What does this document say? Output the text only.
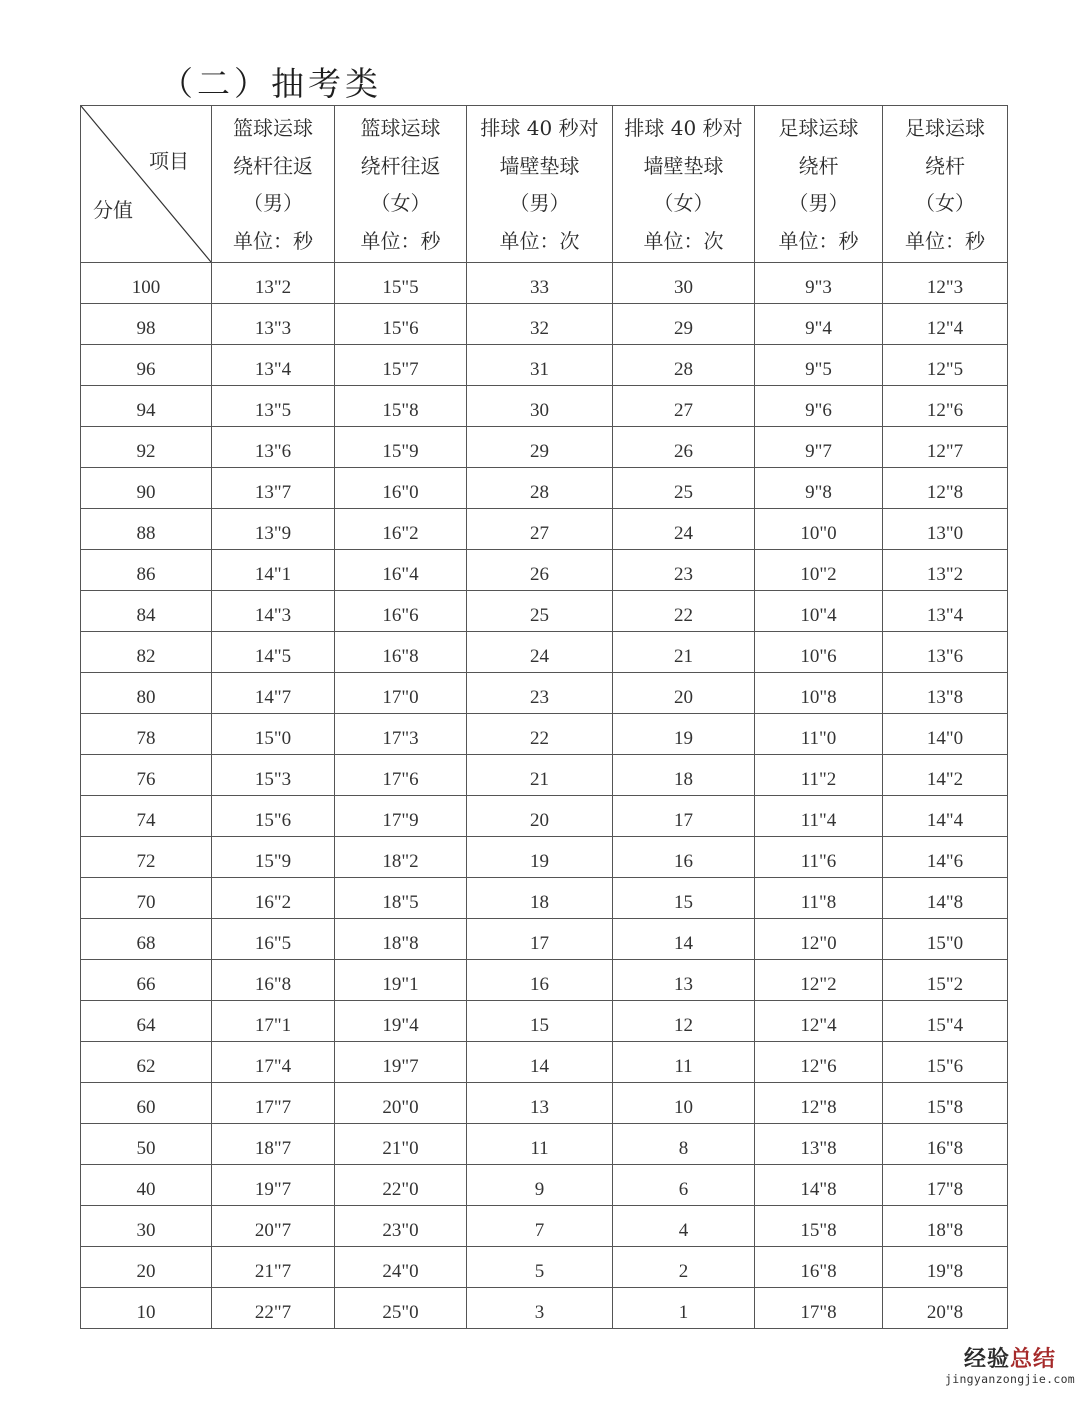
（二）抽考类
项目
分值	篮球运球
绕杆往返
（男）
单位：秒	篮球运球
绕杆往返
（女）
单位：秒	排球 40 秒对
墙壁垫球
（男）
单位：次	排球 40 秒对
墙壁垫球
（女）
单位：次	足球运球
绕杆
（男）
单位：秒	足球运球
绕杆
（女）
单位：秒

100	13"2	15"5	33	30	9"3	12"3
98	13"3	15"6	32	29	9"4	12"4
96	13"4	15"7	31	28	9"5	12"5
94	13"5	15"8	30	27	9"6	12"6
92	13"6	15"9	29	26	9"7	12"7
90	13"7	16"0	28	25	9"8	12"8
88	13"9	16"2	27	24	10"0	13"0
86	14"1	16"4	26	23	10"2	13"2
84	14"3	16"6	25	22	10"4	13"4
82	14"5	16"8	24	21	10"6	13"6
80	14"7	17"0	23	20	10"8	13"8
78	15"0	17"3	22	19	11"0	14"0
76	15"3	17"6	21	18	11"2	14"2
74	15"6	17"9	20	17	11"4	14"4
72	15"9	18"2	19	16	11"6	14"6
70	16"2	18"5	18	15	11"8	14"8
68	16"5	18"8	17	14	12"0	15"0
66	16"8	19"1	16	13	12"2	15"2
64	17"1	19"4	15	12	12"4	15"4
62	17"4	19"7	14	11	12"6	15"6
60	17"7	20"0	13	10	12"8	15"8
50	18"7	21"0	11	8	13"8	16"8
40	19"7	22"0	9	6	14"8	17"8
30	20"7	23"0	7	4	15"8	18"8
20	21"7	24"0	5	2	16"8	19"8
10	22"7	25"0	3	1	17"8	20"8
经验总结
jingyanzongjie.com
